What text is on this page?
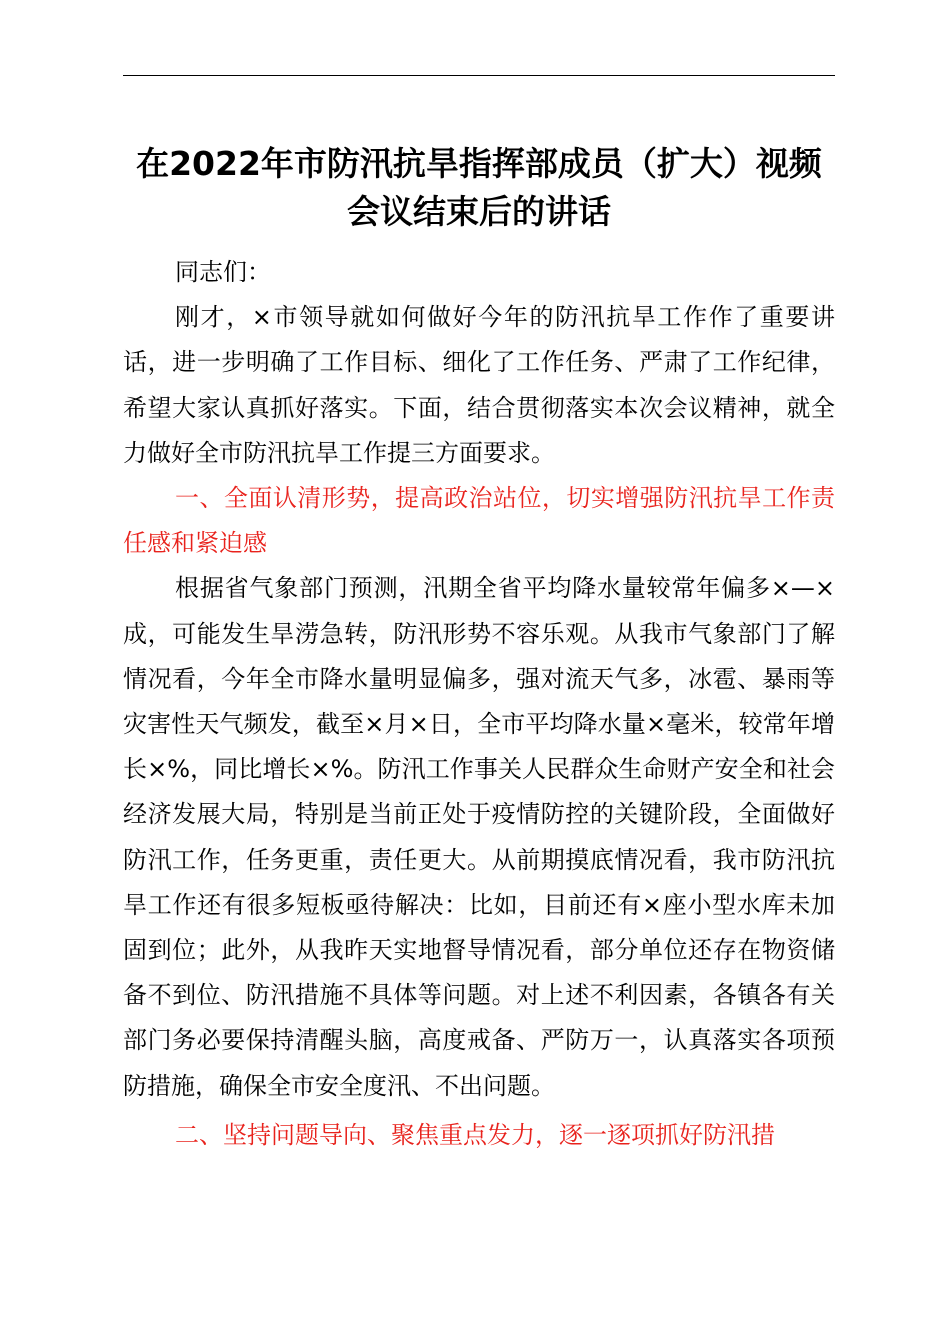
在2022年市防汛抗旱指挥部成员（扩大）视频会议结束后的讲话

同志们：

刚才，×市领导就如何做好今年的防汛抗旱工作作了重要讲话，进一步明确了工作目标、细化了工作任务、严肃了工作纪律，希望大家认真抓好落实。下面，结合贯彻落实本次会议精神，就全力做好全市防汛抗旱工作提三方面要求。

一、全面认清形势，提高政治站位，切实增强防汛抗旱工作责任感和紧迫感

根据省气象部门预测，汛期全省平均降水量较常年偏多×—×成，可能发生旱涝急转，防汛形势不容乐观。从我市气象部门了解情况看，今年全市降水量明显偏多，强对流天气多，冰雹、暴雨等灾害性天气频发，截至×月×日，全市平均降水量×毫米，较常年增长×%，同比增长×%。防汛工作事关人民群众生命财产安全和社会经济发展大局，特别是当前正处于疫情防控的关键阶段，全面做好防汛工作，任务更重，责任更大。从前期摸底情况看，我市防汛抗旱工作还有很多短板亟待解决：比如，目前还有×座小型水库未加固到位；此外，从我昨天实地督导情况看，部分单位还存在物资储备不到位、防汛措施不具体等问题。对上述不利因素，各镇各有关部门务必要保持清醒头脑，高度戒备、严防万一，认真落实各项预防措施，确保全市安全度汛、不出问题。

二、坚持问题导向、聚焦重点发力，逐一逐项抓好防汛措
